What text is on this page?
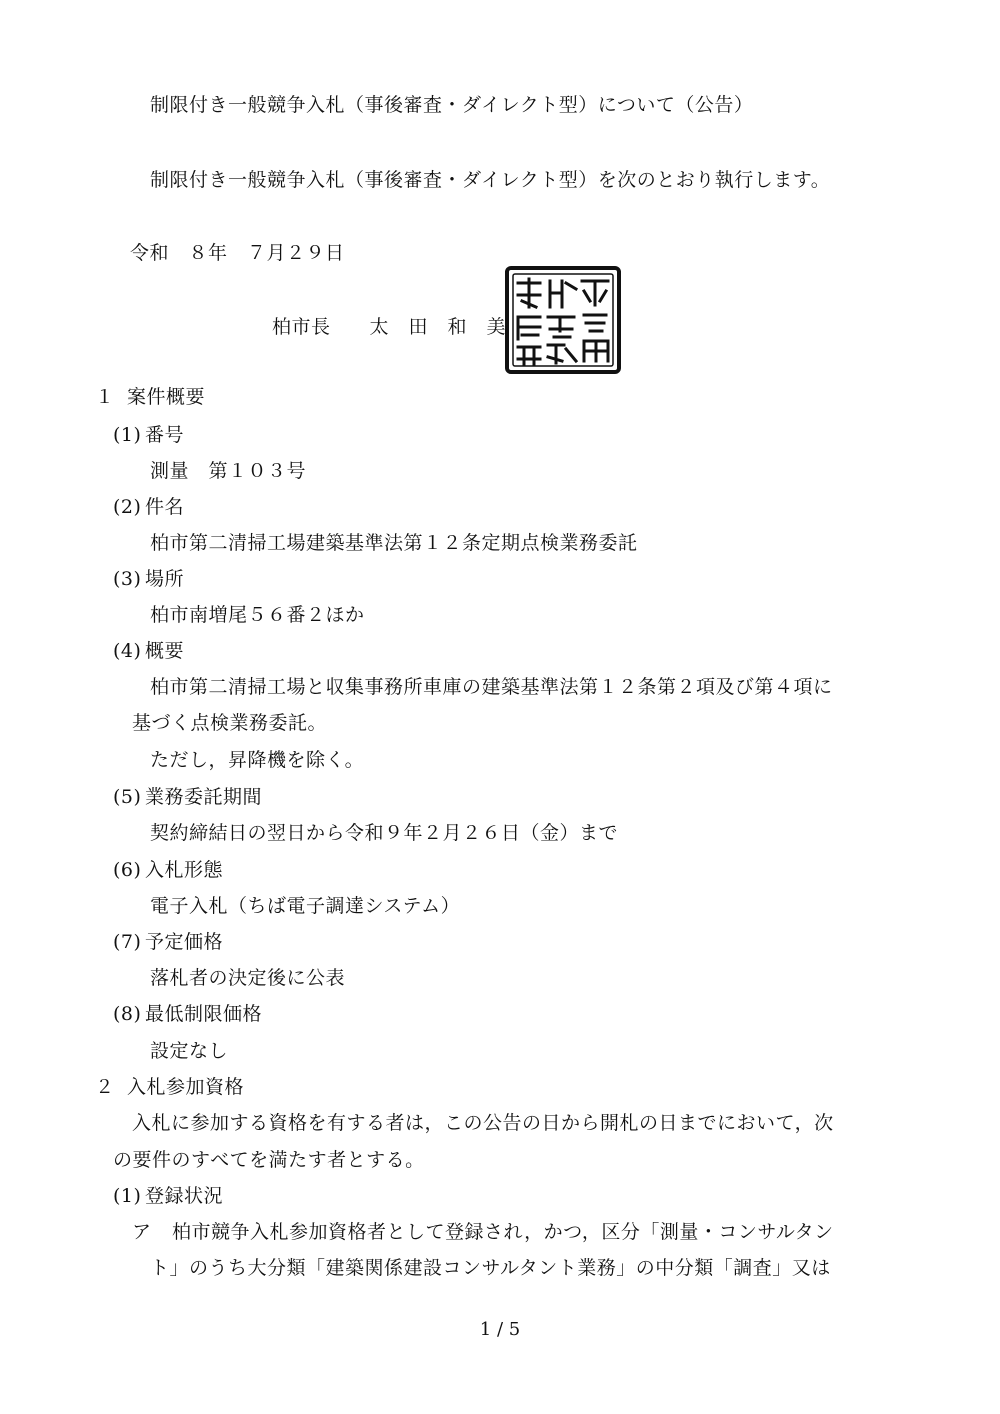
制限付き一般競争入札（事後審査・ダイレクト型）について（公告）
制限付き一般競争入札（事後審査・ダイレクト型）を次のとおり執行します。
令和　８年　７月２９日
柏市長　　太　田　和　美
１ 案件概要
(1) 番号
測量　第１０３号
(2) 件名
柏市第二清掃工場建築基準法第１２条定期点検業務委託
(3) 場所
柏市南増尾５６番２ほか
(4) 概要
柏市第二清掃工場と収集事務所車庫の建築基準法第１２条第２項及び第４項に
基づく点検業務委託。
ただし，昇降機を除く。
(5) 業務委託期間
契約締結日の翌日から令和９年２月２６日（金）まで
(6) 入札形態
電子入札（ちば電子調達システム）
(7) 予定価格
落札者の決定後に公表
(8) 最低制限価格
設定なし
２ 入札参加資格
入札に参加する資格を有する者は，この公告の日から開札の日までにおいて，次
の要件のすべてを満たす者とする。
(1) 登録状況
ア 柏市競争入札参加資格者として登録され，かつ，区分「測量・コンサルタン
ト」のうち大分類「建築関係建設コンサルタント業務」の中分類「調査」又は
1 / 5
